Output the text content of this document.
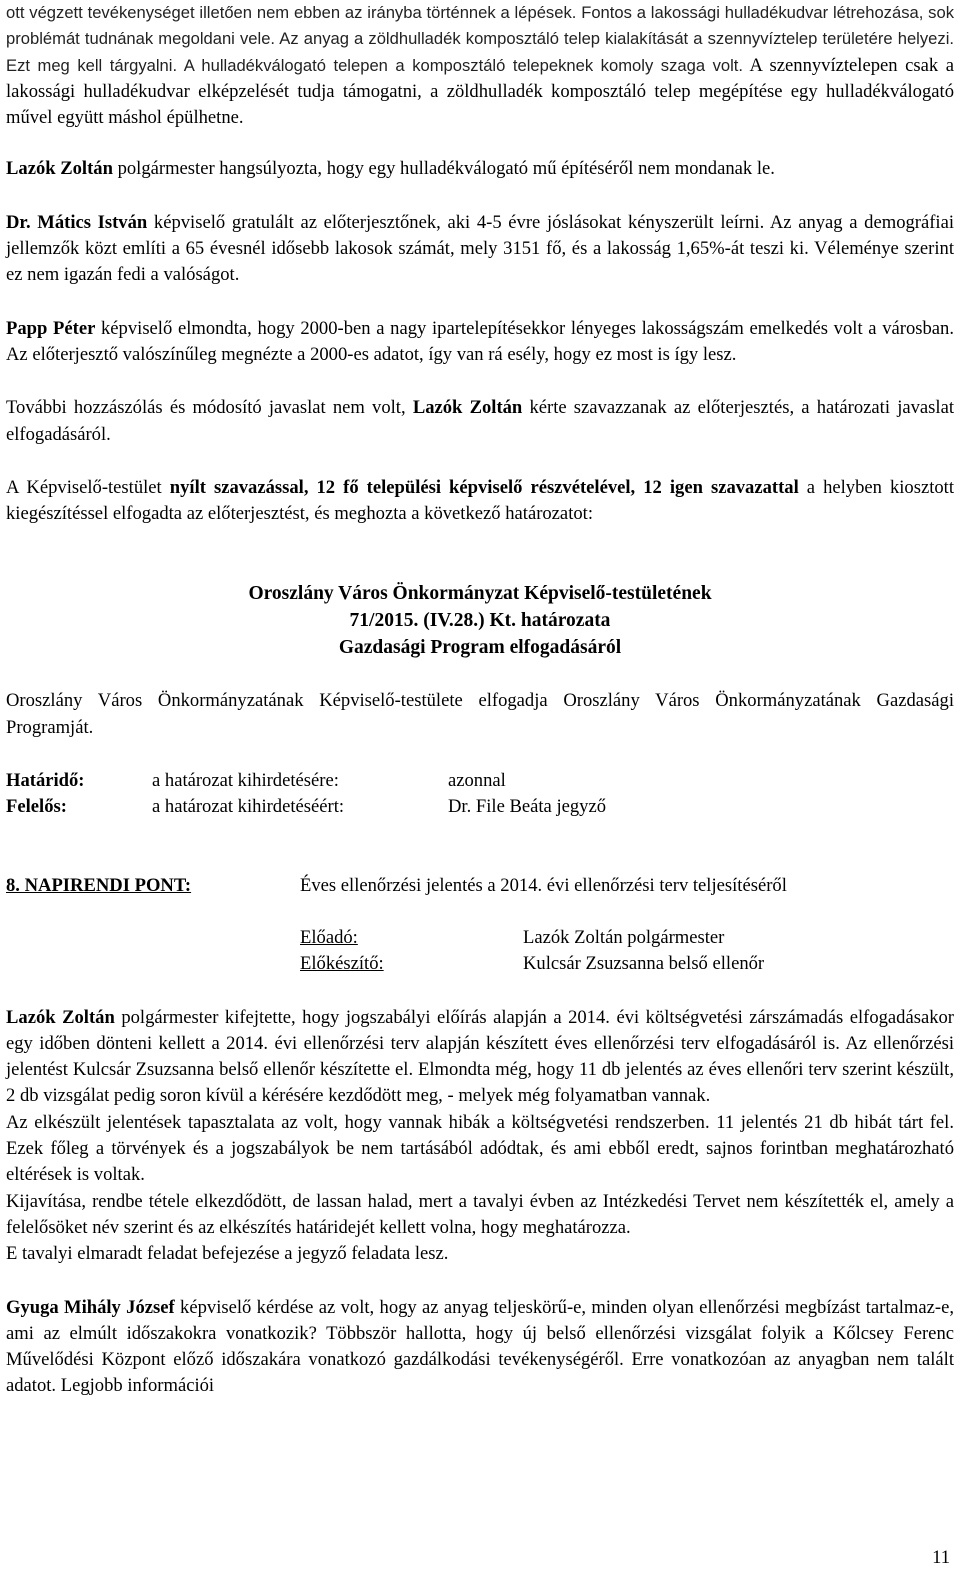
ott végzett tevékenységet illetően nem ebben az irányba történnek a lépések. Fontos a lakossági hulladékudvar létrehozása, sok problémát tudnának megoldani vele. Az anyag a zöldhulladék komposztáló telep kialakítását a szennyvíztelep területére helyezi. Ezt meg kell tárgyalni. A hulladékválogató telepen a komposztáló telepeknek komoly szaga volt. A szennyvíztelepen csak a lakossági hulladékudvar elképzelését tudja támogatni, a zöldhulladék komposztáló telep megépítése egy hulladékválogató művel együtt máshol épülhetne.

Lazók Zoltán polgármester hangsúlyozta, hogy egy hulladékválogató mű építéséről nem mondanak le.

Dr. Mátics István képviselő gratulált az előterjesztőnek, aki 4-5 évre jóslásokat kényszerült leírni. Az anyag a demográfiai jellemzők közt említi a 65 évesnél idősebb lakosok számát, mely 3151 fő, és a lakosság 1,65%-át teszi ki. Véleménye szerint ez nem igazán fedi a valóságot.

Papp Péter képviselő elmondta, hogy 2000-ben a nagy ipartelepítésekkor lényeges lakosságszám emelkedés volt a városban. Az előterjesztő valószínűleg megnézte a 2000-es adatot, így van rá esély, hogy ez most is így lesz.

További hozzászólás és módosító javaslat nem volt, Lazók Zoltán kérte szavazzanak az előterjesztés, a határozati javaslat elfogadásáról.

A Képviselő-testület nyílt szavazással, 12 fő települési képviselő részvételével, 12 igen szavazattal a helyben kiosztott kiegészítéssel elfogadta az előterjesztést, és meghozta a következő határozatot:

Oroszlány Város Önkormányzat Képviselő-testületének
71/2015. (IV.28.) Kt. határozata
Gazdasági Program elfogadásáról

Oroszlány Város Önkormányzatának Képviselő-testülete elfogadja Oroszlány Város Önkormányzatának Gazdasági Programját.

Határidő:	a határozat kihirdetésére:	azonnal
Felelős:	a határozat kihirdetéséért:	Dr. File Beáta jegyző
8. NAPIRENDI PONT:	Éves ellenőrzési jelentés a 2014. évi ellenőrzési terv teljesítéséről
Előadó:	Lazók Zoltán polgármester
Előkészítő:	Kulcsár Zsuzsanna belső ellenőr

Lazók Zoltán polgármester kifejtette, hogy jogszabályi előírás alapján a 2014. évi költségvetési zárszámadás elfogadásakor egy időben dönteni kellett a 2014. évi ellenőrzési terv alapján készített éves ellenőrzési terv elfogadásáról is. Az ellenőrzési jelentést Kulcsár Zsuzsanna belső ellenőr készítette el. Elmondta még, hogy 11 db jelentés az éves ellenőri terv szerint készült, 2 db vizsgálat pedig soron kívül a kérésére kezdődött meg, - melyek még folyamatban vannak.

Az elkészült jelentések tapasztalata az volt, hogy vannak hibák a költségvetési rendszerben. 11 jelentés 21 db hibát tárt fel. Ezek főleg a törvények és a jogszabályok be nem tartásából adódtak, és ami ebből eredt, sajnos forintban meghatározható eltérések is voltak.

Kijavítása, rendbe tétele elkezdődött, de lassan halad, mert a tavalyi évben az Intézkedési Tervet nem készítették el, amely a felelősöket név szerint és az elkészítés határidejét kellett volna, hogy meghatározza.

E tavalyi elmaradt feladat befejezése a jegyző feladata lesz.

Gyuga Mihály József képviselő kérdése az volt, hogy az anyag teljeskörű-e, minden olyan ellenőrzési megbízást tartalmaz-e, ami az elmúlt időszakokra vonatkozik? Többször hallotta, hogy új belső ellenőrzési vizsgálat folyik a Kőlcsey Ferenc Művelődési Központ előző időszakára vonatkozó gazdálkodási tevékenységéről. Erre vonatkozóan az anyagban nem talált adatot. Legjobb információi

11
